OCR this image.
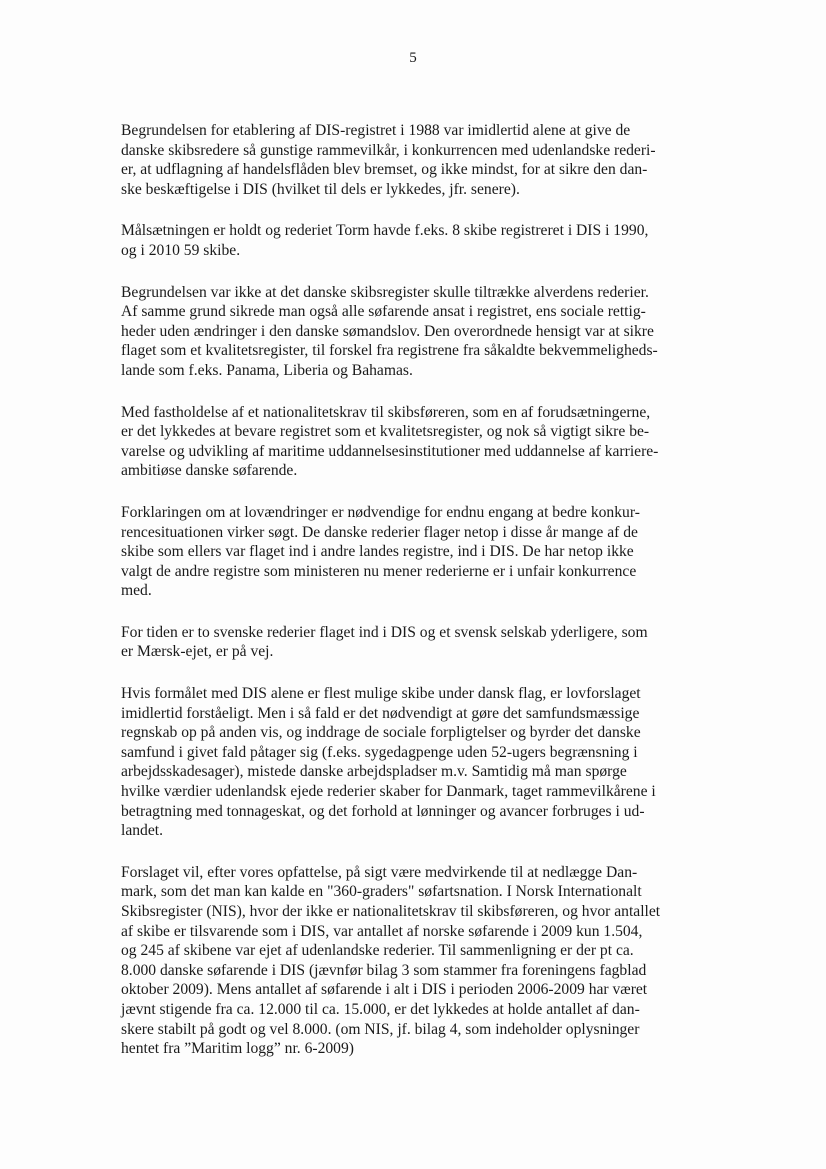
5

Begrundelsen for etablering af DIS-registret i 1988 var imidlertid alene at give de
danske skibsredere så gunstige rammevilkår, i konkurrencen med udenlandske rederi-
er, at udflagning af handelsflåden blev bremset, og ikke mindst, for at sikre den dan-
ske beskæftigelse i DIS (hvilket til dels er lykkedes, jfr. senere).

Målsætningen er holdt og rederiet Torm havde f.eks. 8 skibe registreret i DIS i 1990,
og i 2010 59 skibe.

Begrundelsen var ikke at det danske skibsregister skulle tiltrække alverdens rederier.
Af samme grund sikrede man også alle søfarende ansat i registret, ens sociale rettig-
heder uden ændringer i den danske sømandslov. Den overordnede hensigt var at sikre
flaget som et kvalitetsregister, til forskel fra registrene fra såkaldte bekvemmeligheds-
lande som f.eks. Panama, Liberia og Bahamas.

Med fastholdelse af et nationalitetskrav til skibsføreren, som en af forudsætningerne,
er det lykkedes at bevare registret som et kvalitetsregister, og nok så vigtigt sikre be-
varelse og udvikling af maritime uddannelsesinstitutioner med uddannelse af karriere-
ambitiøse danske søfarende.

Forklaringen om at lovændringer er nødvendige for endnu engang at bedre konkur-
rencesituationen virker søgt. De danske rederier flager netop i disse år mange af de
skibe som ellers var flaget ind i andre landes registre, ind i DIS. De har netop ikke
valgt de andre registre som ministeren nu mener rederierne er i unfair konkurrence
med.

For tiden er to svenske rederier flaget ind i DIS og et svensk selskab yderligere, som
er Mærsk-ejet, er på vej.

Hvis formålet med DIS alene er flest mulige skibe under dansk flag, er lovforslaget
imidlertid forståeligt. Men i så fald er det nødvendigt at gøre det samfundsmæssige
regnskab op på anden vis, og inddrage de sociale forpligtelser og byrder det danske
samfund i givet fald påtager sig (f.eks. sygedagpenge uden 52-ugers begrænsning i
arbejdsskadesager), mistede danske arbejdspladser m.v. Samtidig må man spørge
hvilke værdier udenlandsk ejede rederier skaber for Danmark, taget rammevilkårene i
betragtning med tonnageskat, og det forhold at lønninger og avancer forbruges i ud-
landet.

Forslaget vil, efter vores opfattelse, på sigt være medvirkende til at nedlægge Dan-
mark, som det man kan kalde en "360-graders" søfartsnation. I Norsk Internationalt
Skibsregister (NIS), hvor der ikke er nationalitetskrav til skibsføreren, og hvor antallet
af skibe er tilsvarende som i DIS, var antallet af norske søfarende i 2009 kun 1.504,
og 245 af skibene var ejet af udenlandske rederier. Til sammenligning er der pt ca.
8.000 danske søfarende i DIS (jævnfør bilag 3 som stammer fra foreningens fagblad
oktober 2009). Mens antallet af søfarende i alt i DIS i perioden 2006-2009 har været
jævnt stigende fra ca. 12.000 til ca. 15.000, er det lykkedes at holde antallet af dan-
skere stabilt på godt og vel 8.000. (om NIS, jf. bilag 4, som indeholder oplysninger
hentet fra ”Maritim logg” nr. 6-2009)
